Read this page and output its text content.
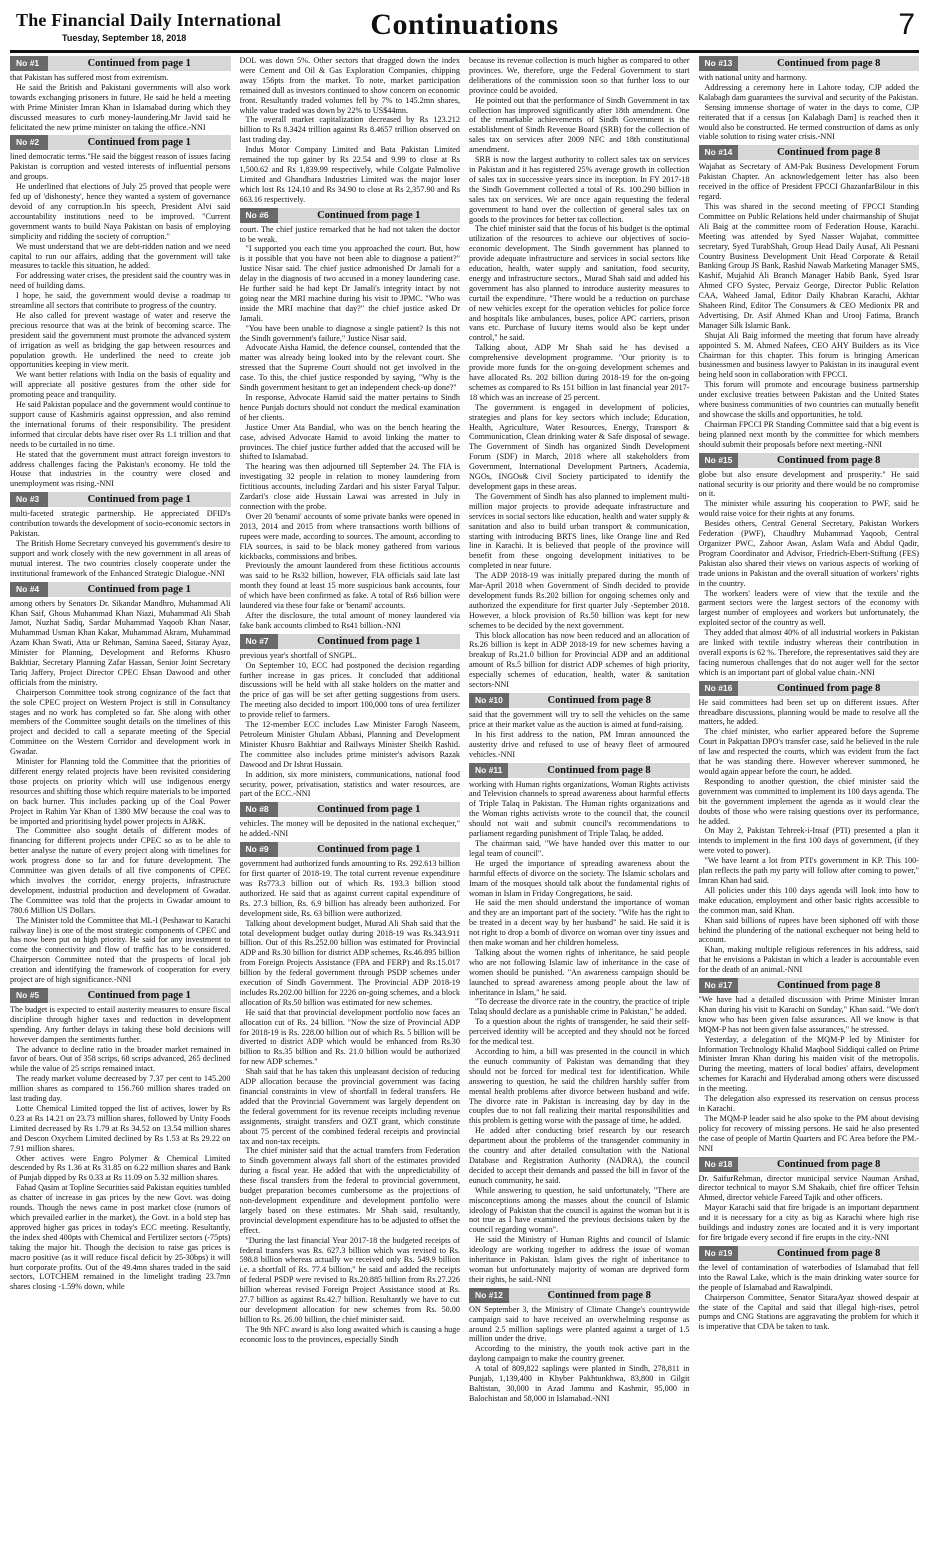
The Financial Daily International
Tuesday, September 18, 2018	Continuations	7
No #1	Continued from page 1

that Pakistan has suffered most from extremism.

He said the British and Pakistani governments will also work towards exchanging prisoners in future. He said he held a meeting with Prime Minister Imran Khan in Islamabad during which they discussed measures to curb money-laundering.Mr Javid said he felicitated the new prime minister on taking the office.-NNI

No #2	Continued from page 1

lined democratic terms."He said the biggest reason of issues facing Pakistan is corruption and vested interests of influential persons and groups.

He underlined that elections of July 25 proved that people were fed up of 'dishonesty', hence they wanted a system of governance devoid of any corruption.In his speech, President Alvi said accountability institutions need to be improved. "Current government wants to build Naya Pakistan on basis of employing simplicity and ridding the society of corruption."

We must understand that we are debt-ridden nation and we need capital to run our affairs, adding that the government will take measures to tackle this situation, he added.

For addressing water crises, the president said the country was in need of building dams.

I hope, he said, the government would devise a roadmap to streamline all sectors that contribute to progress of the country.

He also called for prevent wastage of water and reserve the precious resource that was at the brink of becoming scarce. The president said the government must promote the advanced system of irrigation as well as bridging the gap between resources and population growth. He underlined the need to create job opportunities keeping in view merit.

We want better relations with India on the basis of equality and will appreciate all positive gestures from the other side for promoting peace and tranquility.

He said Pakistan populace and the government would continue to support cause of Kashmiris against oppression, and also remind the international forums of their responsibility. The president informed that circular debts have riser over Rs 1.1 trillion and that needs to be curtailed in no time.

He stated that the government must attract foreign investors to address challenges facing the Pakistan's economy. He told the House that industries in the country were closed and unemployment was rising.-NNI

No #3	Continued from page 1

multi-faceted strategic partnership. He appreciated DFID's contribution towards the development of socio-economic sectors in Pakistan.

The British Home Secretary conveyed his government's desire to support and work closely with the new government in all areas of mutual interest. The two countries closely cooperate under the institutional framework of the Enhanced Strategic Dialogue.-NNI

No #4	Continued from page 1

among others by Senators Dr. Sikandar Mandhro, Muhammad Ali Khan Saif, Ghous Muhammad Khan Niazi, Muhammad Ali Shah Jamot, Nuzhat Sadiq, Sardar Muhammad Yaqoob Khan Nasar, Muhammad Usman Khan Kakar, Muhammad Akram, Muhammad Azam Khan Swati, Atta ur Rehman, Samina Saeed, Sitaray Ayaz, Minister for Planning, Development and Reforms Khusro Bakhtiar, Secretary Planning Zafar Hassan, Senior Joint Secretary Tariq Jaffery, Project Director CPEC Ehsan Dawood and other officials from the ministry.

Chairperson Committee took strong cognizance of the fact that the sole CPEC project on Western Project is still in Consultancy stages and no work has completed so far. She along with other members of the Committee sought details on the timelines of this project and decided to call a separate meeting of the Special Committee on the Western Corridor and development work in Gwadar.

Minister for Planning told the Committee that the priorities of different energy related projects have been revisited considering those projects on priority which will use indigenous energy resources and shifting those which require materials to be imported on back burner. This includes packing up of the Coal Power Project in Rahim Yar Khan of 1380 MW because the coal was to be imported and prioritising hydel power projects in AJ&K.

The Committee also sought details of different modes of financing for different projects under CPEC so as to be able to better analyse the nature of every project along with timelines for work progress done so far and for future development. The Committee was given details of all five components of CPEC which involves the corridor, energy projects, infrastructure development, industrial production and development of Gwadar. The Committee was told that the projects in Gwadar amount to 780.6 Million US Dollars.

The Minister told the Committee that ML-I (Peshawar to Karachi railway line) is one of the most strategic components of CPEC and has now been put on high priority. He said for any investment to come the connectivity and flow of traffic has to be considered. Chairperson Committee noted that the prospects of local job creation and identifying the framework of cooperation for every project are of high significance.-NNI

No #5	Continued from page 1

The budget is expected to entail austerity measures to ensure fiscal discipline through higher taxes and reduction in development spending. Any further delays in taking these bold decisions will however dampen the sentiments further.

The advance to decline ratio in the broader market remained in favor of bears. Out of 358 scrips, 68 scrips advanced, 265 declined while the value of 25 scrips remained intact.

The ready market volume decreased by 7.37 per cent to 145.200 million shares as compared to 156.760 million shares traded on last trading day.

Lotte Chemical Limited topped the list of actives, lower by Rs 0.23 at Rs 14.21 on 23.73 million shares, followed by Unity Foods Limited decreased by Rs 1.79 at Rs 34.52 on 13.54 million shares and Descon Oxychem Limited declined by Rs 1.53 at Rs 29.22 on 7.91 million shares.

Other actives were Engro Polymer & Chemical Limited descended by Rs 1.36 at Rs 31.85 on 6.22 million shares and Bank of Punjab dipped by Rs 0.33 at Rs 11.09 on 5.32 million shares.

Fahad Qasim at Topline Securities said Pakistan equities tumbled as chatter of increase in gas prices by the new Govt. was doing rounds. Though the news came in post market close (rumors of which prevailed earlier in the market), the Govt. in a bold step has approved higher gas prices in today's ECC meeting. Resultantly, the index shed 400pts with Chemical and Fertilizer sectors (-75pts) taking the major hit. Though the decision to raise gas prices is macro positive (as it will reduce fiscal deficit by 25-30bps) it will hurt corporate profits. Out of the 49.4mn shares traded in the said sectors, LOTCHEM remained in the limelight trading 23.7mn shares closing -1.59% down, while

DOL was down 5%. Other sectors that dragged down the index were Cement and Oil & Gas Exploration Companies, chipping away 156pts from the market. To note, market participation remained dull as investors continued to show concern on economic front. Resultantly traded volumes fell by 7% to 145.2mn shares, while value traded was down by 22% to US$44mn.

The overall market capitalization decreased by Rs 123.212 billion to Rs 8.3424 trillion against Rs 8.4657 trillion observed on last trading day.

Indus Motor Company Limited and Bata Pakistan Limited remained the top gainer by Rs 22.54 and 9.99 to close at Rs 1,500.62 and Rs 1,839.99 respectively, while Colgate Palmolive Limited and Ghandhara Industries Limited was the major loser which lost Rs 124.10 and Rs 34.90 to close at Rs 2,357.90 and Rs 663.16 respectively.

No #6	Continued from page 1

court. The chief justice remarked that he had not taken the doctor to be weak.

"I supported you each time you approached the court. But, how is it possible that you have not been able to diagnose a patient?" Justice Nisar said. The chief justice admonished Dr Jamali for a delay in the diagnosis of two accused in a money laundering case. He further said he had kept Dr Jamali's integrity intact by not going near the MRI machine during his visit to JPMC. "Who was inside the MRI machine that day?" the chief justice asked Dr Jamali.

"You have been unable to diagnose a single patient? Is this not the Sindh government's failure," Justice Nisar said.

Advocate Aisha Hamid, the defence counsel, contended that the matter was already being looked into by the relevant court. She stressed that the Supreme Court should not get involved in the case. To this, the chief justice responded by saying, "Why is the Sindh government hesitant to get an independent check-up done?"

In response, Advocate Hamid said the matter pertains to Sindh hence Punjab doctors should not conduct the medical examination of her clients.

Justice Umer Ata Bandial, who was on the bench hearing the case, advised Advocate Hamid to avoid linking the matter to provinces. The chief justice further added that the accused will be shifted to Islamabad.

The hearing was then adjourned till September 24. The FIA is investigating 32 people in relation to money laundering from fictitious accounts, including Zardari and his sister Faryal Talpur. Zardari's close aide Hussain Lawai was arrested in July in connection with the probe.

Over 20 'benami' accounts of some private banks were opened in 2013, 2014 and 2015 from where transactions worth billions of rupees were made, according to sources. The amount, according to FIA sources, is said to be black money gathered from various kickbacks, commissions and bribes.

Previously the amount laundered from these fictitious accounts was said to be Rs32 billion, however, FIA officials said late last month they found at least 15 more suspicious bank accounts, four of which have been confirmed as fake. A total of Rs6 billion were laundered via these four fake or 'benami' accounts.

After the disclosure, the total amount of money laundered via fake bank accounts climbed to Rs41 billion.-NNI

No #7	Continued from page 1

previous year's shortfall of SNGPL.

On September 10, ECC had postponed the decision regarding further increase in gas prices. It concluded that additional discussions will be held with all stake holders on the matter and the price of gas will be set after getting suggestions from users. The meeting also decided to import 100,000 tons of urea fertilizer to provide relief to farmers.

The 12-member ECC includes Law Minister Farogh Naseem, Petroleum Minister Ghulam Abbasi, Planning and Development Minister Khusro Bakhtiar and Railways Minister Sheikh Rashid. The committee also includes prime minister's advisors Razak Dawood and Dr Ishrat Hussain.

In addition, six more ministers, communications, national food security, power, privatisation, statistics and water resources, are part of the ECC.-NNI

No #8	Continued from page 1

vehicles. The money will be deposited in the national exchequer," he added.-NNI

No #9	Continued from page 1

government had authorized funds amounting to Rs. 292.613 billion for first quarter of 2018-19. The total current revenue expenditure was Rs773.3 billion out of which Rs. 193.3 billion stood authorized. He said that as against current capital expenditure of Rs. 27.3 billion, Rs. 6.9 billion has already been authorized. For development side, Rs. 63 billion were authorized.

Talking about development budget, Murad Ali Shah said that the total development budget outlay during 2018-19 was Rs.343.911 billion. Out of this Rs.252.00 billion was estimated for Provincial ADP and Rs.30 billion for district ADP schemes, Rs.46.895 billion from Foreign Projects Assistance (FPA and FERP) and Rs.15.017 billion by the federal government through PSDP schemes under execution of Sindh Government. The Provincial ADP 2018-19 includes Rs.202.00 billion for 2226 on-going schemes, and a block allocation of Rs.50 billion was estimated for new schemes.

He said that that provincial development portfolio now faces an allocation cut of Rs. 24 billion. "Now the size of Provincial ADP for 2018-19 is Rs. 228.00 billion out of which Rs. 5 billion will be diverted to district ADP which would be enhanced from Rs.30 billion to Rs.35 billion and Rs. 21.0 billion would be authorized for new ADP schemes."

Shah said that he has taken this unpleasant decision of reducing ADP allocation because the provincial government was facing financial constraints in view of shortfall in federal transfers. He added that the Provincial Government was largely dependent on the federal government for its revenue receipts including revenue assignments, straight transfers and OZT grant, which constitute about 75 percent of the combined federal receipts and provincial tax and non-tax receipts.

The chief minister said that the actual transfers from Federation to Sindh government always fall short of the estimates provided during a fiscal year. He added that with the unpredictability of these fiscal transfers from the federal to provincial government, budget preparation becomes cumbersome as the projections of non-development expenditure and development portfolio were largely based on these estimates. Mr Shah said, resultantly, provincial development expenditure has to be adjusted to offset the effect.

"During the last financial Year 2017-18 the budgeted receipts of federal transfers was Rs. 627.3 billion which was revised to Rs. 598.8 billion whereas actually we received only Rs. 549.9 billion i.e. a shortfall of Rs. 77.4 billion," he said and added the receipts of federal PSDP were revised to Rs.20.885 billion from Rs.27.226 billion whereas revised Foreign Project Assistance stood at Rs. 27.7 billion as against Rs.42.7 billion. Resultantly we have to cut our development allocation for new schemes from Rs. 50.00 billion to Rs. 26.00 billion, the chief minister said.

The 9th NFC award is also long awaited which is causing a huge economic loss to the provinces, especially Sindh

because its revenue collection is much higher as compared to other provinces. We, therefore, urge the Federal Government to start deliberations of the commission soon so that further loss to our province could be avoided.

He pointed out that the performance of Sindh Government in tax collection has improved significantly after 18th amendment. One of the remarkable achievements of Sindh Government is the establishment of Sindh Revenue Board (SRB) for the collection of sales tax on services after 2009 NFC and 18th constitutional amendment.

SRB is now the largest authority to collect sales tax on services in Pakistan and it has registered 25% average growth in collection of sales tax in successive years since its inception. In FY 2017-18 the Sindh Government collected a total of Rs. 100.290 billion in sales tax on services. We are once again requesting the federal government to hand over the collection of general sales tax on goods to the provinces for better tax collection.

The chief minister said that the focus of his budget is the optimal utilization of the resources to achieve our objectives of socio-economic development. The Sindh government has planned to provide adequate infrastructure and services in social sectors like education, health, water supply and sanitation, food security, energy and infrastructure sectors., Murad Shah said and added his government has also planned to introduce austerity measures to curtail the expenditure. "There would be a reduction on purchase of new vehicles except for the operation vehicles for police force and hospitals like ambulances, buses, police APC carriers, prison vans etc. Purchase of luxury items would also be kept under control," he said.

Talking about, ADP Mr Shah said he has devised a comprehensive development programme. "Our priority is to provide more funds for the on-going development schemes and have allocated Rs. 202 billion during 2018-19 for the on-going schemes as compared to Rs 151 billion in last financial year 2017-18 which was an increase of 25 percent.

The government is engaged in development of policies, strategies and plans for key sectors which include; Education, Health, Agriculture, Water Resources, Energy, Transport & Communication, Clean drinking water & Safe disposal of sewage. The Government of Sindh has organized Sindh Development Forum (SDF) in March, 2018 where all stakeholders from Government, International Development Partners, Academia, NGOs, INGOs& Civil Society participated to identify the development gaps in these areas.

The Government of Sindh has also planned to implement multi-million major projects to provide adequate infrastructure and services in social sectors like education, health and water supply & sanitation and also to build urban transport & communication, starting with introducing BRTS lines, like Orange line and Red line in Karachi. It is believed that people of the province will benefit from these ongoing development initiatives to be completed in near future.

The ADP 2018-19 was initially prepared during the month of Mar-April 2018 when Government of Sindh decided to provide development funds Rs.202 billion for ongoing schemes only and authorized the expenditure for first quarter July -September 2018. However, a block provision of Rs.50 billion was kept for new schemes to be decided by the next government.

This block allocation has now been reduced and an allocation of Rs.26 billion is kept in ADP 2018-19 for new schemes having a breakup of Rs.21.0 billion for Provincial ADP and an additional amount of Rs.5 billion for district ADP schemes of high priority, especially schemes of education, health, water & sanitation sectors-NNI

No #10	Continued from page 8

said that the government will try to sell the vehicles on the same price at their market value as the auction is aimed at fund-raising.

In his first address to the nation, PM Imran announced the austerity drive and refused to use of heavy fleet of armoured vehicles.-NNI

No #11	Continued from page 8

working with Human rights organizations, Woman Rights activists and Television channels to spread awareness about harmful effects of Triple Talaq in Pakistan. The Human rights organizations and the Woman rights activists wrote to the council that, the council should not wait and submit council's recommendations to parliament regarding punishment of Triple Talaq, he added.

The chairman said, "We have handed over this matter to our legal team of council".

He urged the importance of spreading awareness about the harmful effects of divorce on the society. The Islamic scholars and Imam of the mosques should talk about the fundamental rights of woman in Islam in Friday Congregations, he said.

He said the men should understand the importance of woman and they are an important part of the society. "Wife has the right to be treated in a decent way by her husband" he said. He said it is not right to drop a bomb of divorce on woman over tiny issues and then make woman and her children homeless.

Talking about the women rights of inheritance, he said people who are not following Islamic law of inheritance in the case of women should be punished. "An awareness campaign should be launched to spread awareness among people about the law of inheritance in Islam," he said.

"To decrease the divorce rate in the country, the practice of triple Talaq should declare as a punishable crime in Pakistan," he added.

To a question about the rights of transgender, he said their self-perceived identity will be accepted and they should not be forced for the medical test.

According to him, a bill was presented in the council in which the eunuch community of Pakistan was demanding that they should not be forced for medical test for identification. While answering to question, he said the children harshly suffer from mental health problems after divorce between husband and wife. The divorce rate in Pakistan is increasing day by day in the couples due to not fall realizing their marital responsibilities and this problem is getting worse with the passage of time, he added.

He added after conducting brief research by our research department about the problems of the transgender community in the country and after detailed consultation with the National Database and Registration Authority (NADRA), the council decided to accept their demands and passed the bill in favor of the eunuch community, he said.

While answering to question, he said unfortunately, "There are misconceptions among the masses about the council of Islamic ideology of Pakistan that the council is against the woman but it is not true as I have examined the previous decisions taken by the council regarding woman".

He said the Ministry of Human Rights and council of Islamic ideology are working together to address the issue of woman inheritance in Pakistan. Islam gives the right of inheritance to woman but unfortunately majority of woman are deprived form their rights, he said.-NNI

No #12	Continued from page 8

ON September 3, the Ministry of Climate Change's countrywide campaign said to have received an overwhelming response as around 2.5 million saplings were planted against a target of 1.5 million under the drive.

According to the ministry, the youth took active part in the daylong campaign to make the country greener.

A total of 809,822 saplings were planted in Sindh, 278,811 in Punjab, 1,139,400 in Khyber Pakhtunkhwa, 83,800 in Gilgit Baltistan, 30,000 in Azad Jammu and Kashmir, 95,000 in Balochistan and 58,000 in Islamabad.-NNI

No #13	Continued from page 8

with national unity and harmony.

Addressing a ceremony here in Lahore today, CJP added the Kalabagh dam guarantees the survival and security of the Pakistan.

Sensing immense shortage of water in the days to come, CJP reiterated that if a census [on Kalabagh Dam] is reached then it would also be constructed. He termed construction of dams as only viable solution to rising water crisis.-NNI

No #14	Continued from page 8

Wajahat as Secretary of AM-Pak Business Development Forum Pakistan Chapter. An acknowledgement letter has also been received in the office of President FPCCI GhazanfarBilour in this regard.

This was shared in the second meeting of FPCCI Standing Committee on Public Relations held under chairmanship of Shujat Ali Baig at the committee room of Federation House, Karachi. Meeting was attended by Syed Nasser Wajahat, committee secretary, Syed TurabShah, Group Head Daily Ausaf, Ali Pesnani Country Business Development Unit Head Corporate & Retail Banking Group JS Bank, Rashid Nawab Marketing Manager SMS, Kashif, Mujahid Ali Branch Manager Habib Bank, Syed Israr Ahmed CFO Systec, Pervaiz George, Director Public Relation CAA, Waheed Jamal, Editor Daily Khabran Karachi, Akhtar Shaheen Rind, Editor The Consumers & CEO Medionix PR and Advertising, Dr. Asif Ahmed Khan and Urooj Fatima, Branch Manager Silk Islamic Bank.

Shujat Ali Baig informed the meeting that forum have already appointed S. M. Ahmed Nafees, CEO AHY Builders as its Vice Chairman for this chapter. This forum is bringing American businessmen and business lawyer to Pakistan in its inaugural event being held soon in collaboration with FPCCI.

This forum will promote and encourage business partnership under exclusive treaties between Pakistan and the United States where business communities of two countries can mutually benefit and showcase the skills and opportunities, he told.

Chairman FPCCI PR Standing Committee said that a big event is being planned next month by the committee for which members should submit their proposals before next meeting.-NNI

No #15	Continued from page 8

globe but also ensure development and prosperity." He said national security is our priority and there would be no compromise on it.

The minister while assuring his cooperation to PWF, said he would raise voice for their rights at any forums.

Besides others, Central General Secretary, Pakistan Workers Federation (PWF), Chaudhry Muhammad Yaqoob, Central Organizer PWC, Zahoor Awan, Aslam Wafa and Abdul Qadir, Program Coordinator and Advisor, Friedrich-Ebert-Stiftung (FES) Pakistan also shared their views on various aspects of working of trade unions in Pakistan and the overall situation of workers' rights in the country.

The workers' leaders were of view that the textile and the garment sectors were the largest sectors of the economy with largest number of employees and workers but unfortunately, the exploited sector of the country as well.

They added that almost 40% of all industrial workers in Pakistan are linked with textile industry whereas their contribution in overall exports is 62 %. Therefore, the representatives said they are facing numerous challenges that do not auger well for the sector which is an important part of global value chain.-NNI

No #16	Continued from page 8

He said committees had been set up on different issues. After threadbare discussions, planning would be made to resolve all the matters, he added.

The chief minister, who earlier appeared before the Supreme Court in Pakpattan DPO's transfer case, said he believed in the rule of law and respected the courts, which was evident from the fact that he was standing there. However wherever summoned, he would again appear before the court, he added.

Responding to another question, the chief minister said the government was committed to implement its 100 days agenda. The bit the government implement the agenda as it would clear the doubts of those who were raising questions over its performance, he added.

On May 2, Pakistan Tehreek-i-Insaf (PTI) presented a plan it intends to implement in the first 100 days of government, (if they were voted to power).

"We have learnt a lot from PTI's government in KP. This 100-plan reflects the path my party will follow after coming to power," Imran Khan had said.

All policies under this 100 days agenda will look into how to make education, employment and other basic rights accessible to the common man, said Khan.

Khan said billions of rupees have been siphoned off with those behind the plundering of the national exchequer not being held to account.

Khan, making multiple religious references in his address, said that he envisions a Pakistan in which a leader is accountable even for the death of an animal.-NNI

No #17	Continued from page 8

"We have had a detailed discussion with Prime Minister Imran Khan during his visit to Karachi on Sunday," Khan said. "We don't know who has been given false assurances. All we know is that MQM-P has not been given false assurances," he stressed.

Yesterday, a delegation of the MQM-P led by Minister for Information Technology Khalid Maqbool Siddiqui called on Prime Minister Imran Khan during his maiden visit of the metropolis. During the meeting, matters of local bodies' affairs, development schemes for Karachi and Hyderabad among others were discussed in the meeting.

The delegation also expressed its reservation on census process in Karachi.

The MQM-P leader said he also spoke to the PM about devising policy for recovery of missing persons. He said he also presented the case of people of Martin Quarters and FC Area before the PM.-NNI

No #18	Continued from page 8

Dr. SaifurRehman, director municipal service Nauman Arshad, director technical to mayor S.M Shakaib, chief fire officer Tehsin Ahmed, director vehicle Fareed Tajik and other officers.

Mayor Karachi said that fire brigade is an important department and it is necessary for a city as big as Karachi where high rise buildings and industry zones are located and it is very important for fire brigade every second if fire erupts in the city.-NNI

No #19	Continued from page 8

the level of contamination of waterbodies of Islamabad that fell into the Rawal Lake, which is the main drinking water source for the people of Islamabad and Rawalpindi.

Chairperson Committee, Senator SitaraAyaz showed despair at the state of the Capital and said that illegal high-rises, petrol pumps and CNG Stations are aggravating the problem for which it is imperative that CDA be taken to task.
